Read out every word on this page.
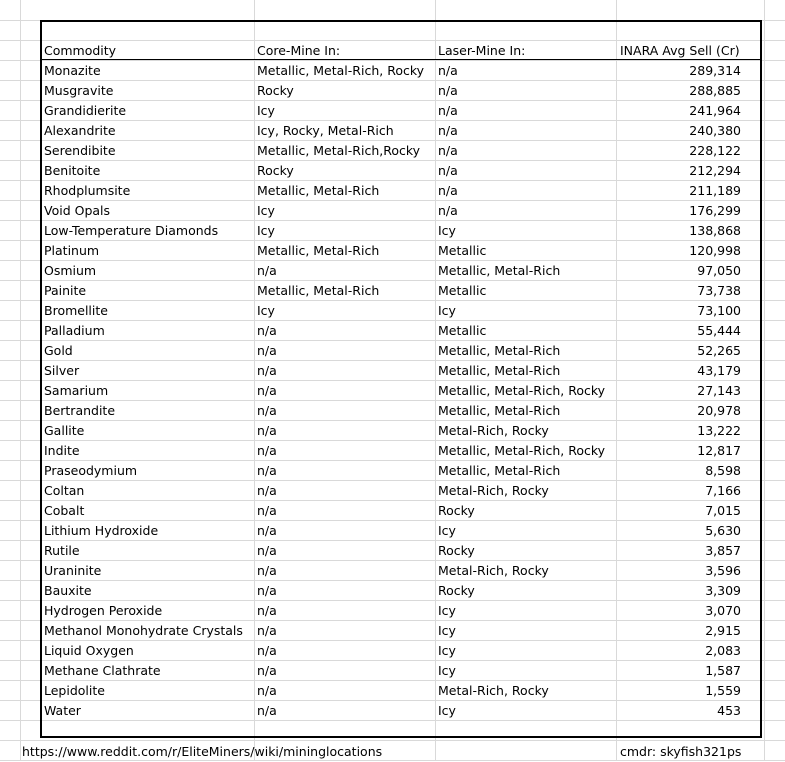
Commodity	Core-Mine In:	Laser-Mine In:	INARA Avg Sell (Cr)
Monazite	Metallic, Metal-Rich, Rocky	n/a	289,314
Musgravite	Rocky	n/a	288,885
Grandidierite	Icy	n/a	241,964
Alexandrite	Icy, Rocky, Metal-Rich	n/a	240,380
Serendibite	Metallic, Metal-Rich,Rocky	n/a	228,122
Benitoite	Rocky	n/a	212,294
Rhodplumsite	Metallic, Metal-Rich	n/a	211,189
Void Opals	Icy	n/a	176,299
Low-Temperature Diamonds	Icy	Icy	138,868
Platinum	Metallic, Metal-Rich	Metallic	120,998
Osmium	n/a	Metallic, Metal-Rich	97,050
Painite	Metallic, Metal-Rich	Metallic	73,738
Bromellite	Icy	Icy	73,100
Palladium	n/a	Metallic	55,444
Gold	n/a	Metallic, Metal-Rich	52,265
Silver	n/a	Metallic, Metal-Rich	43,179
Samarium	n/a	Metallic, Metal-Rich, Rocky	27,143
Bertrandite	n/a	Metallic, Metal-Rich	20,978
Gallite	n/a	Metal-Rich, Rocky	13,222
Indite	n/a	Metallic, Metal-Rich, Rocky	12,817
Praseodymium	n/a	Metallic, Metal-Rich	8,598
Coltan	n/a	Metal-Rich, Rocky	7,166
Cobalt	n/a	Rocky	7,015
Lithium Hydroxide	n/a	Icy	5,630
Rutile	n/a	Rocky	3,857
Uraninite	n/a	Metal-Rich, Rocky	3,596
Bauxite	n/a	Rocky	3,309
Hydrogen Peroxide	n/a	Icy	3,070
Methanol Monohydrate Crystals	n/a	Icy	2,915
Liquid Oxygen	n/a	Icy	2,083
Methane Clathrate	n/a	Icy	1,587
Lepidolite	n/a	Metal-Rich, Rocky	1,559
Water	n/a	Icy	453
https://www.reddit.com/r/EliteMiners/wiki/mininglocations	cmdr: skyfish321ps
